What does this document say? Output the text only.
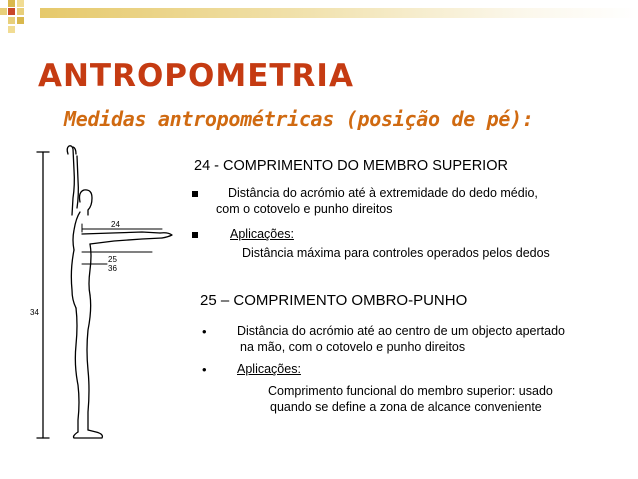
ANTROPOMETRIA
Medidas antropométricas (posição de pé):
24
25
36
34
24 - COMPRIMENTO DO MEMBRO SUPERIOR
Distância do acrómio até à extremidade do dedo médio,
com o cotovelo e punho direitos
Aplicações:
Distância máxima para controles operados pelos dedos
25 – COMPRIMENTO OMBRO-PUNHO
• Distância do acrómio até ao centro de um objecto apertado
na mão, com o cotovelo e punho direitos
• Aplicações:
Comprimento funcional do membro superior: usado
quando se define a zona de alcance conveniente
